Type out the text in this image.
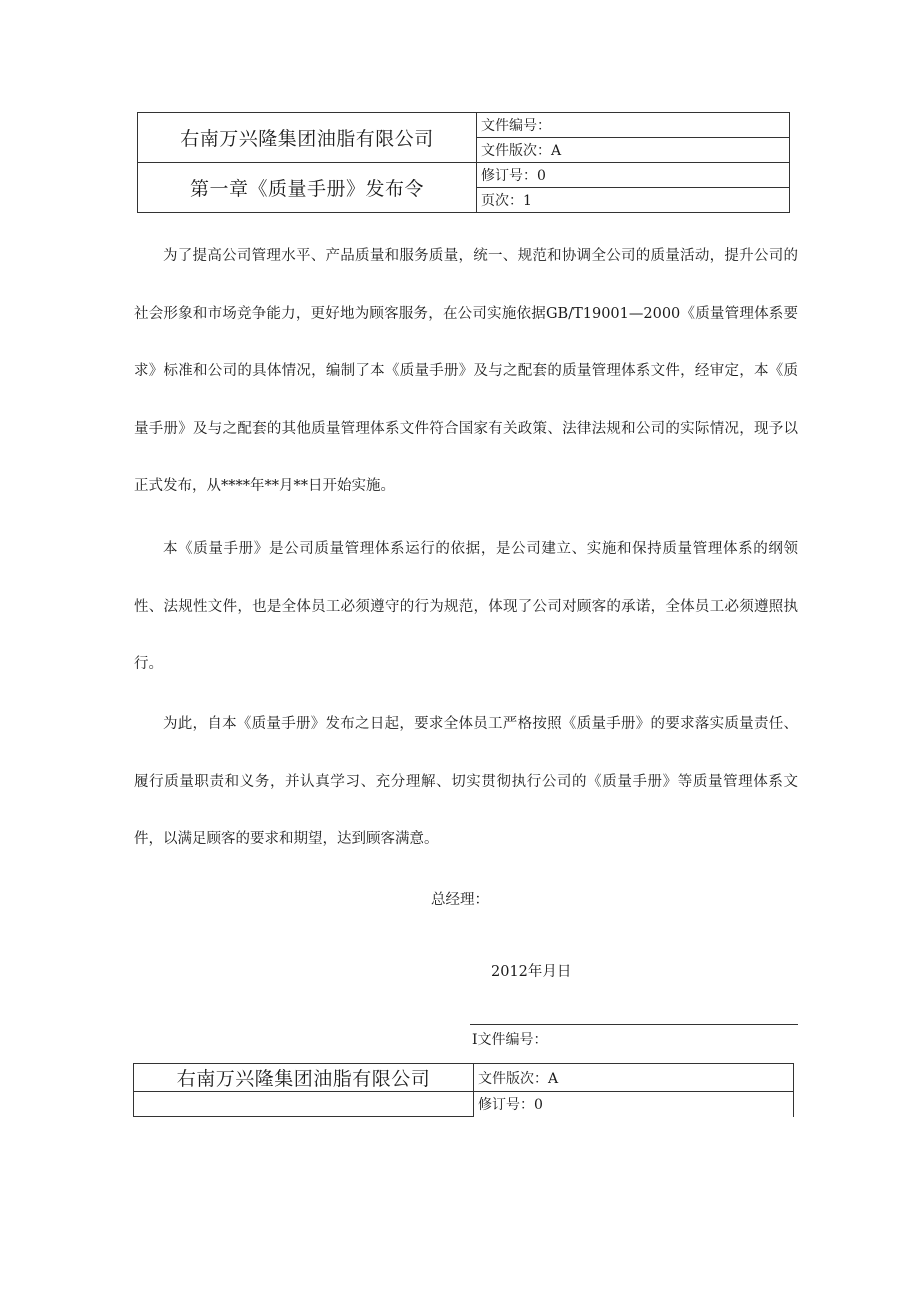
右南万兴隆集团油脂有限公司	文件编号：
	文件版次：A
第一章《质量手册》发布令	修订号：0
	页次：1

为了提高公司管理水平、产品质量和服务质量，统一、规范和协调全公司的质量活动，提升公司的社会形象和市场竞争能力，更好地为顾客服务，在公司实施依据GB/T19001—2000《质量管理体系要求》标准和公司的具体情况，编制了本《质量手册》及与之配套的质量管理体系文件，经审定，本《质量手册》及与之配套的其他质量管理体系文件符合国家有关政策、法律法规和公司的实际情况，现予以正式发布，从****年**月**日开始实施。

本《质量手册》是公司质量管理体系运行的依据，是公司建立、实施和保持质量管理体系的纲领性、法规性文件，也是全体员工必须遵守的行为规范，体现了公司对顾客的承诺，全体员工必须遵照执行。

为此，自本《质量手册》发布之日起，要求全体员工严格按照《质量手册》的要求落实质量责任、履行质量职责和义务，并认真学习、充分理解、切实贯彻执行公司的《质量手册》等质量管理体系文件，以满足顾客的要求和期望，达到顾客满意。

总经理：
2012年月日
I文件编号：
右南万兴隆集团油脂有限公司	文件版次：A
	修订号：0
